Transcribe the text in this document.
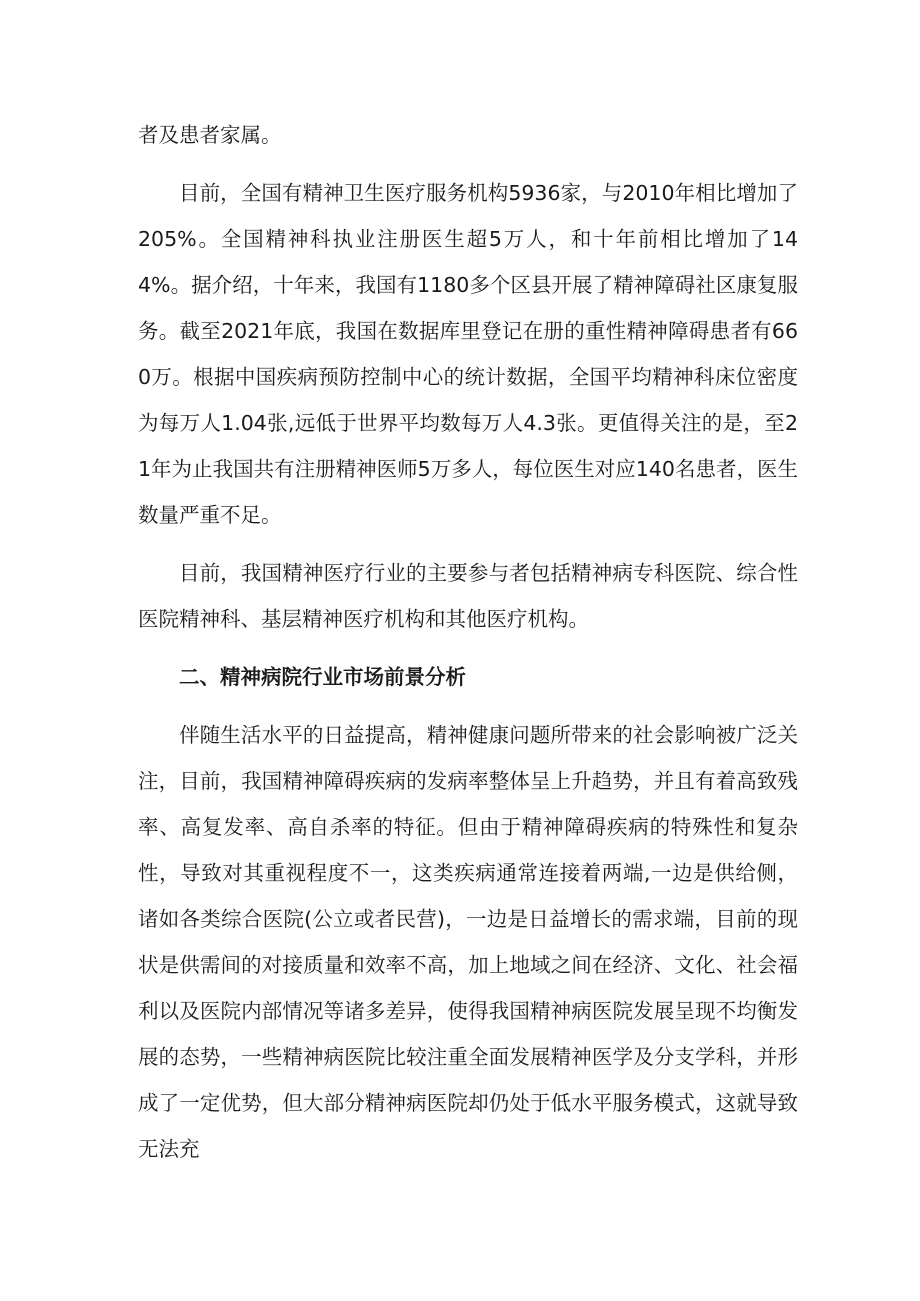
者及患者家属。

目前，全国有精神卫生医疗服务机构5936家，与2010年相比增加了205%。全国精神科执业注册医生超5万人，和十年前相比增加了144%。据介绍，十年来，我国有1180多个区县开展了精神障碍社区康复服务。截至2021年底，我国在数据库里登记在册的重性精神障碍患者有660万。根据中国疾病预防控制中心的统计数据，全国平均精神科床位密度为每万人1.04张,远低于世界平均数每万人4.3张。更值得关注的是，至21年为止我国共有注册精神医师5万多人，每位医生对应140名患者，医生数量严重不足。

目前，我国精神医疗行业的主要参与者包括精神病专科医院、综合性医院精神科、基层精神医疗机构和其他医疗机构。

二、精神病院行业市场前景分析

伴随生活水平的日益提高，精神健康问题所带来的社会影响被广泛关注，目前，我国精神障碍疾病的发病率整体呈上升趋势，并且有着高致残率、高复发率、高自杀率的特征。但由于精神障碍疾病的特殊性和复杂性，导致对其重视程度不一，这类疾病通常连接着两端,一边是供给侧，诸如各类综合医院(公立或者民营)，一边是日益增长的需求端，目前的现状是供需间的对接质量和效率不高，加上地域之间在经济、文化、社会福利以及医院内部情况等诸多差异，使得我国精神病医院发展呈现不均衡发展的态势，一些精神病医院比较注重全面发展精神医学及分支学科，并形成了一定优势，但大部分精神病医院却仍处于低水平服务模式，这就导致无法充
